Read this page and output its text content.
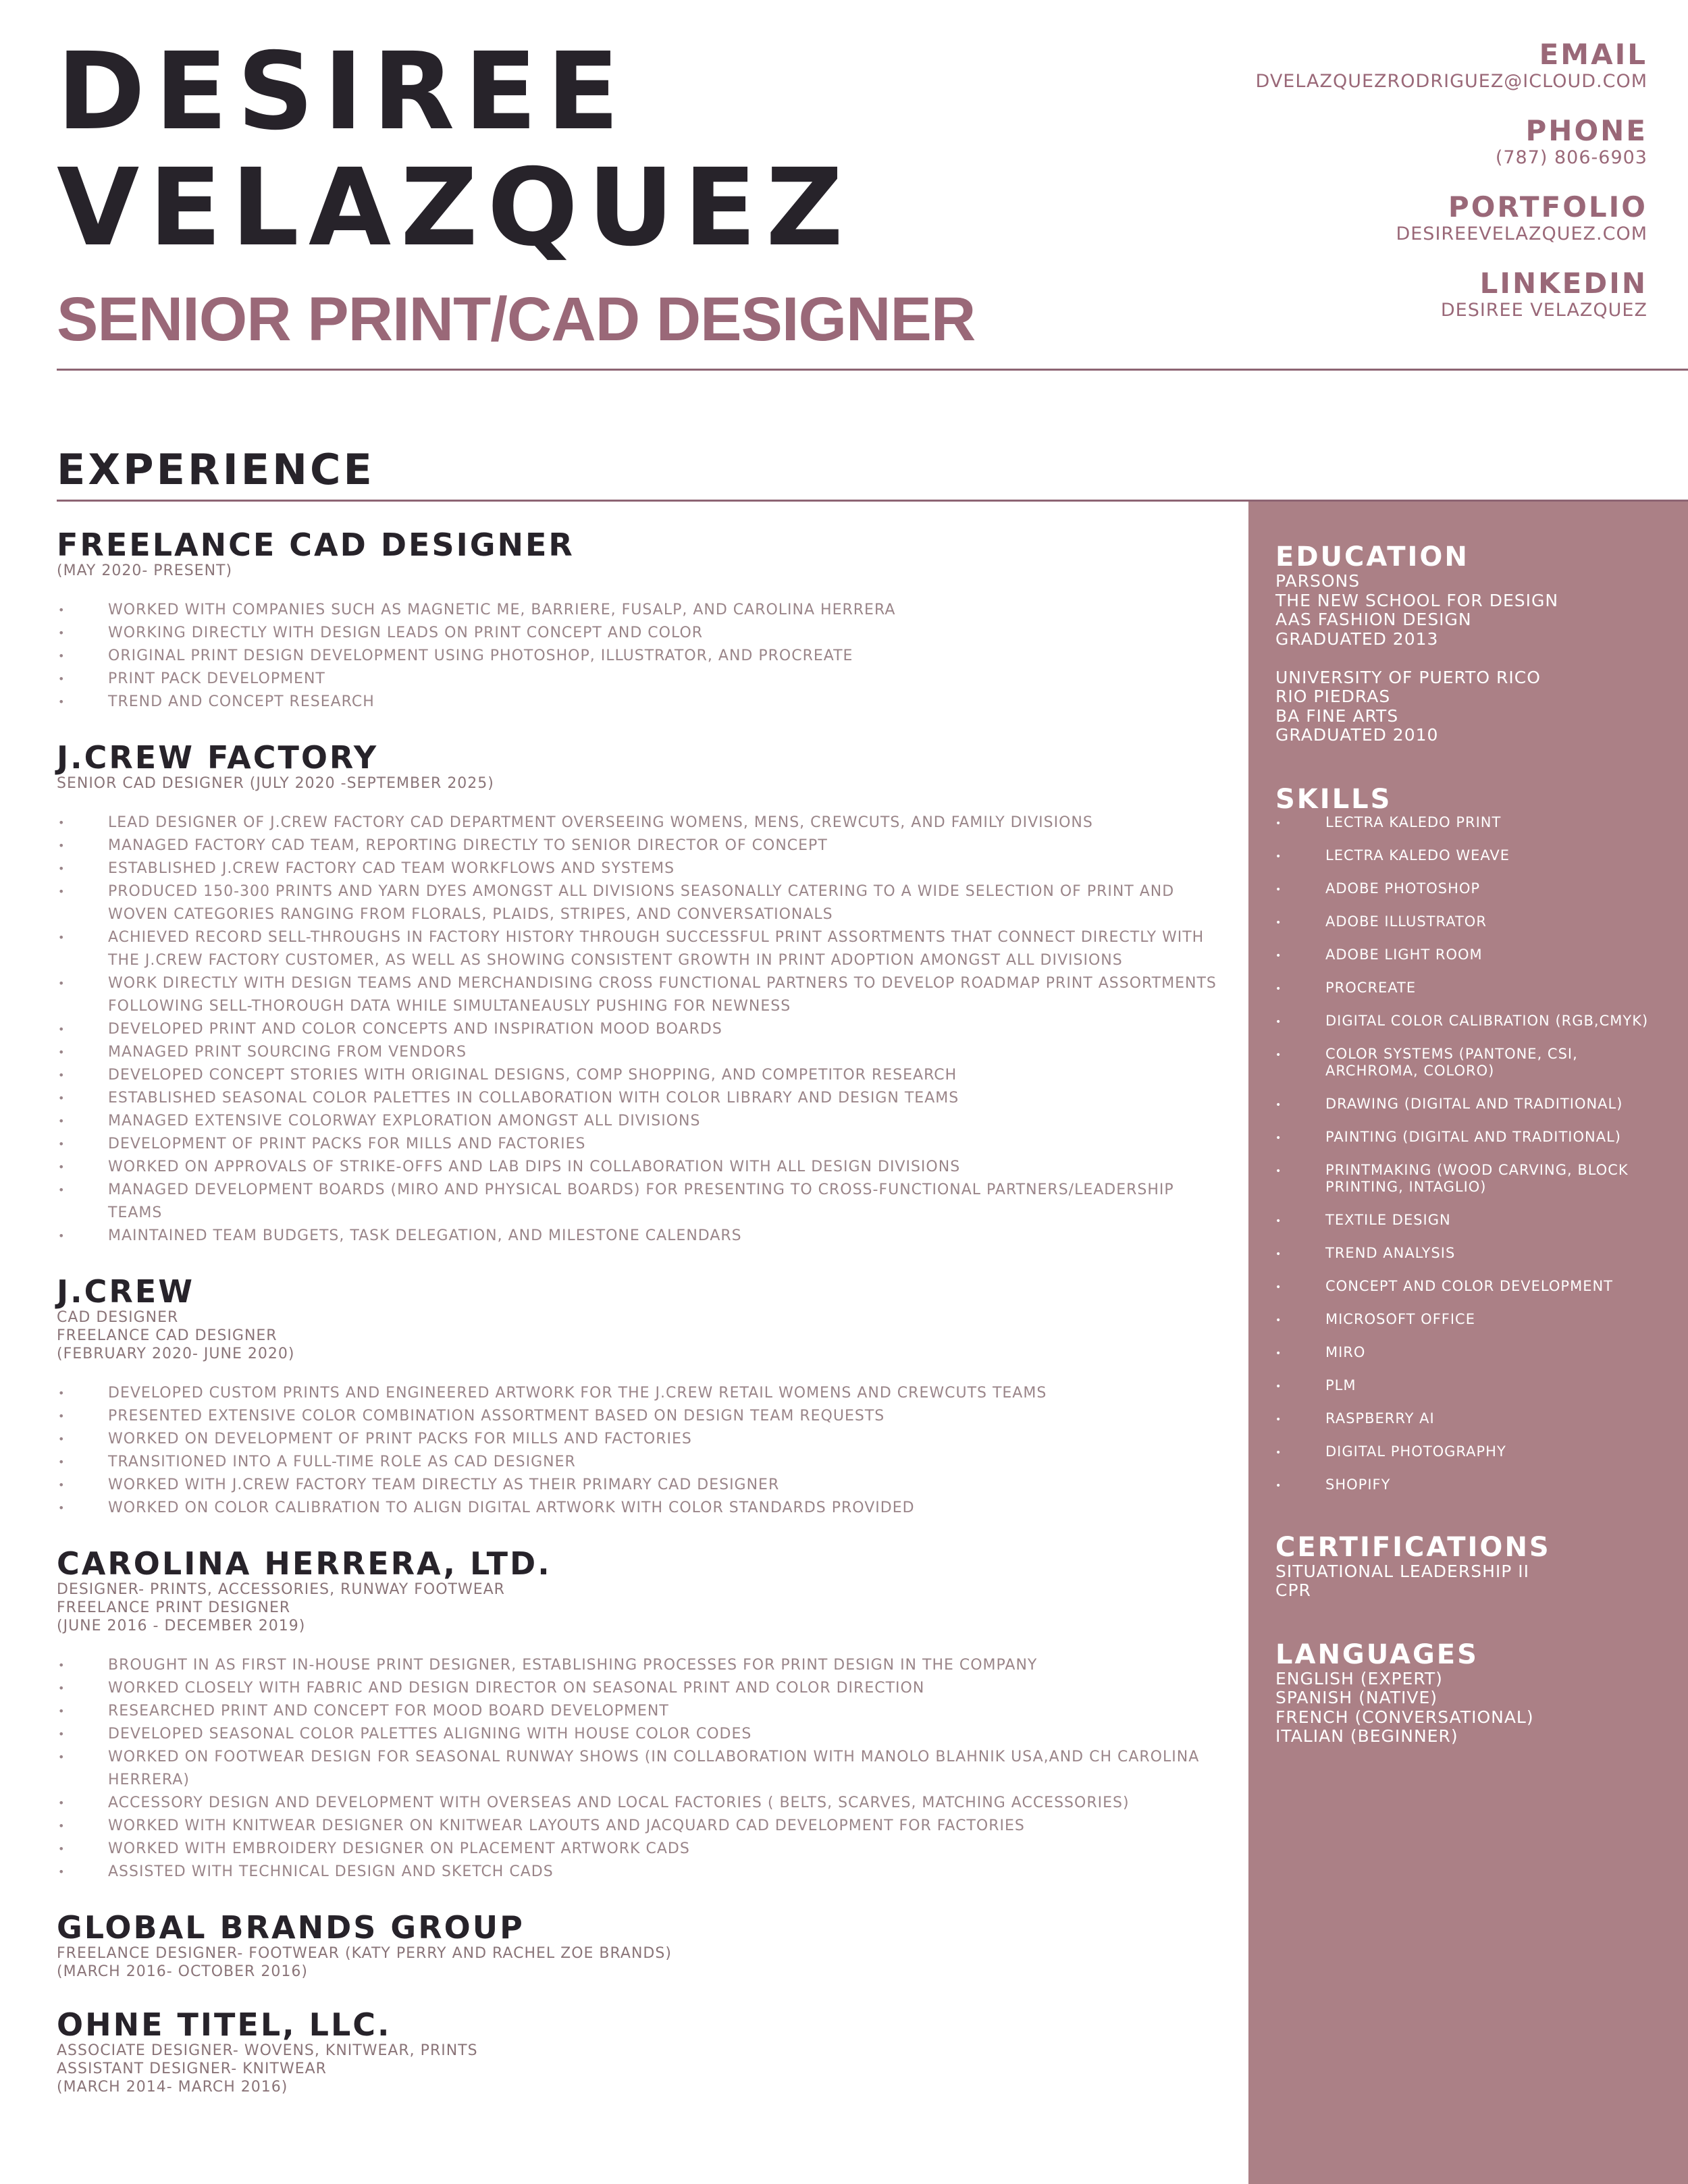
DESIREE
VELAZQUEZ
SENIOR PRINT/CAD DESIGNER
EMAIL
DVELAZQUEZRODRIGUEZ@ICLOUD.COM
PHONE
(787) 806-6903
PORTFOLIO
DESIREEVELAZQUEZ.COM
LINKEDIN
DESIREE VELAZQUEZ
EXPERIENCE
FREELANCE CAD DESIGNER
(MAY 2020- PRESENT)
• WORKED WITH COMPANIES SUCH AS MAGNETIC ME, BARRIERE, FUSALP, AND CAROLINA HERRERA
• WORKING DIRECTLY WITH DESIGN LEADS ON PRINT CONCEPT AND COLOR
• ORIGINAL PRINT DESIGN DEVELOPMENT USING PHOTOSHOP, ILLUSTRATOR, AND PROCREATE
• PRINT PACK DEVELOPMENT
• TREND AND CONCEPT RESEARCH
J.CREW FACTORY
SENIOR CAD DESIGNER (JULY 2020 -SEPTEMBER 2025)
• LEAD DESIGNER OF J.CREW FACTORY CAD DEPARTMENT OVERSEEING WOMENS, MENS, CREWCUTS, AND FAMILY DIVISIONS
• MANAGED FACTORY CAD TEAM, REPORTING DIRECTLY TO SENIOR DIRECTOR OF CONCEPT
• ESTABLISHED J.CREW FACTORY CAD TEAM WORKFLOWS AND SYSTEMS
• PRODUCED 150-300 PRINTS AND YARN DYES AMONGST ALL DIVISIONS SEASONALLY CATERING TO A WIDE SELECTION OF PRINT AND WOVEN CATEGORIES RANGING FROM FLORALS, PLAIDS, STRIPES, AND CONVERSATIONALS
• ACHIEVED RECORD SELL-THROUGHS IN FACTORY HISTORY THROUGH SUCCESSFUL PRINT ASSORTMENTS THAT CONNECT DIRECTLY WITH THE J.CREW FACTORY CUSTOMER, AS WELL AS SHOWING CONSISTENT GROWTH IN PRINT ADOPTION AMONGST ALL DIVISIONS
• WORK DIRECTLY WITH DESIGN TEAMS AND MERCHANDISING CROSS FUNCTIONAL PARTNERS TO DEVELOP ROADMAP PRINT ASSORTMENTS FOLLOWING SELL-THOROUGH DATA WHILE SIMULTANEAUSLY PUSHING FOR NEWNESS
• DEVELOPED PRINT AND COLOR CONCEPTS AND INSPIRATION MOOD BOARDS
• MANAGED PRINT SOURCING FROM VENDORS
• DEVELOPED CONCEPT STORIES WITH ORIGINAL DESIGNS, COMP SHOPPING, AND COMPETITOR RESEARCH
• ESTABLISHED SEASONAL COLOR PALETTES IN COLLABORATION WITH COLOR LIBRARY AND DESIGN TEAMS
• MANAGED EXTENSIVE COLORWAY EXPLORATION AMONGST ALL DIVISIONS
• DEVELOPMENT OF PRINT PACKS FOR MILLS AND FACTORIES
• WORKED ON APPROVALS OF STRIKE-OFFS AND LAB DIPS IN COLLABORATION WITH ALL DESIGN DIVISIONS
• MANAGED DEVELOPMENT BOARDS (MIRO AND PHYSICAL BOARDS) FOR PRESENTING TO CROSS-FUNCTIONAL PARTNERS/LEADERSHIP TEAMS
• MAINTAINED TEAM BUDGETS, TASK DELEGATION, AND MILESTONE CALENDARS
J.CREW
CAD DESIGNER
FREELANCE CAD DESIGNER
(FEBRUARY 2020- JUNE 2020)
• DEVELOPED CUSTOM PRINTS AND ENGINEERED ARTWORK FOR THE J.CREW RETAIL WOMENS AND CREWCUTS TEAMS
• PRESENTED EXTENSIVE COLOR COMBINATION ASSORTMENT BASED ON DESIGN TEAM REQUESTS
• WORKED ON DEVELOPMENT OF PRINT PACKS FOR MILLS AND FACTORIES
• TRANSITIONED INTO A FULL-TIME ROLE AS CAD DESIGNER
• WORKED WITH J.CREW FACTORY TEAM DIRECTLY AS THEIR PRIMARY CAD DESIGNER
• WORKED ON COLOR CALIBRATION TO ALIGN DIGITAL ARTWORK WITH COLOR STANDARDS PROVIDED
CAROLINA HERRERA, LTD.
DESIGNER- PRINTS, ACCESSORIES, RUNWAY FOOTWEAR
FREELANCE PRINT DESIGNER
(JUNE 2016 - DECEMBER 2019)
• BROUGHT IN AS FIRST IN-HOUSE PRINT DESIGNER, ESTABLISHING PROCESSES FOR PRINT DESIGN IN THE COMPANY
• WORKED CLOSELY WITH FABRIC AND DESIGN DIRECTOR ON SEASONAL PRINT AND COLOR DIRECTION
• RESEARCHED PRINT AND CONCEPT FOR MOOD BOARD DEVELOPMENT
• DEVELOPED SEASONAL COLOR PALETTES ALIGNING WITH HOUSE COLOR CODES
• WORKED ON FOOTWEAR DESIGN FOR SEASONAL RUNWAY SHOWS (IN COLLABORATION WITH MANOLO BLAHNIK USA,AND CH CAROLINA HERRERA)
• ACCESSORY DESIGN AND DEVELOPMENT WITH OVERSEAS AND LOCAL FACTORIES ( BELTS, SCARVES, MATCHING ACCESSORIES)
• WORKED WITH KNITWEAR DESIGNER ON KNITWEAR LAYOUTS AND JACQUARD CAD DEVELOPMENT FOR FACTORIES
• WORKED WITH EMBROIDERY DESIGNER ON PLACEMENT ARTWORK CADS
• ASSISTED WITH TECHNICAL DESIGN AND SKETCH CADS
GLOBAL BRANDS GROUP
FREELANCE DESIGNER- FOOTWEAR (KATY PERRY AND RACHEL ZOE BRANDS)
(MARCH 2016- OCTOBER 2016)
OHNE TITEL, LLC.
ASSOCIATE DESIGNER- WOVENS, KNITWEAR, PRINTS
ASSISTANT DESIGNER- KNITWEAR
(MARCH 2014- MARCH 2016)
EDUCATION
PARSONS
THE NEW SCHOOL FOR DESIGN
AAS FASHION DESIGN
GRADUATED 2013

UNIVERSITY OF PUERTO RICO
RIO PIEDRAS
BA FINE ARTS
GRADUATED 2010
SKILLS
• LECTRA KALEDO PRINT
• LECTRA KALEDO WEAVE
• ADOBE PHOTOSHOP
• ADOBE ILLUSTRATOR
• ADOBE LIGHT ROOM
• PROCREATE
• DIGITAL COLOR CALIBRATION (RGB,CMYK)
• COLOR SYSTEMS (PANTONE, CSI, ARCHROMA, COLORO)
• DRAWING (DIGITAL AND TRADITIONAL)
• PAINTING (DIGITAL AND TRADITIONAL)
• PRINTMAKING (WOOD CARVING, BLOCK PRINTING, INTAGLIO)
• TEXTILE DESIGN
• TREND ANALYSIS
• CONCEPT AND COLOR DEVELOPMENT
• MICROSOFT OFFICE
• MIRO
• PLM
• RASPBERRY AI
• DIGITAL PHOTOGRAPHY
• SHOPIFY
CERTIFICATIONS
SITUATIONAL LEADERSHIP II
CPR
LANGUAGES
ENGLISH (EXPERT)
SPANISH (NATIVE)
FRENCH (CONVERSATIONAL)
ITALIAN (BEGINNER)
